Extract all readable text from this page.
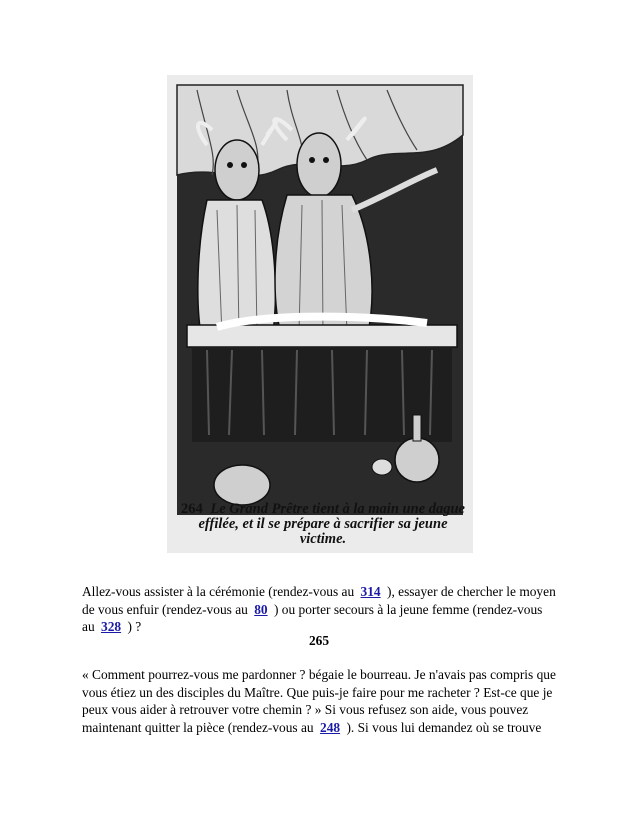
264 Le Grand Prêtre tient à la main une dague effilée, et il se prépare à sacrifier sa jeune victime.
Allez-vous assister à la cérémonie (rendez-vous au 314 ), essayer de chercher le moyen de vous enfuir (rendez-vous au 80 ) ou porter secours à la jeune femme (rendez-vous au 328 ) ?
265
« Comment pourrez-vous me pardonner ? bégaie le bourreau. Je n'avais pas compris que vous étiez un des disciples du Maître. Que puis-je faire pour me racheter ? Est-ce que je peux vous aider à retrouver votre chemin ? » Si vous refusez son aide, vous pouvez maintenant quitter la pièce (rendez-vous au 248 ). Si vous lui demandez où se trouve
